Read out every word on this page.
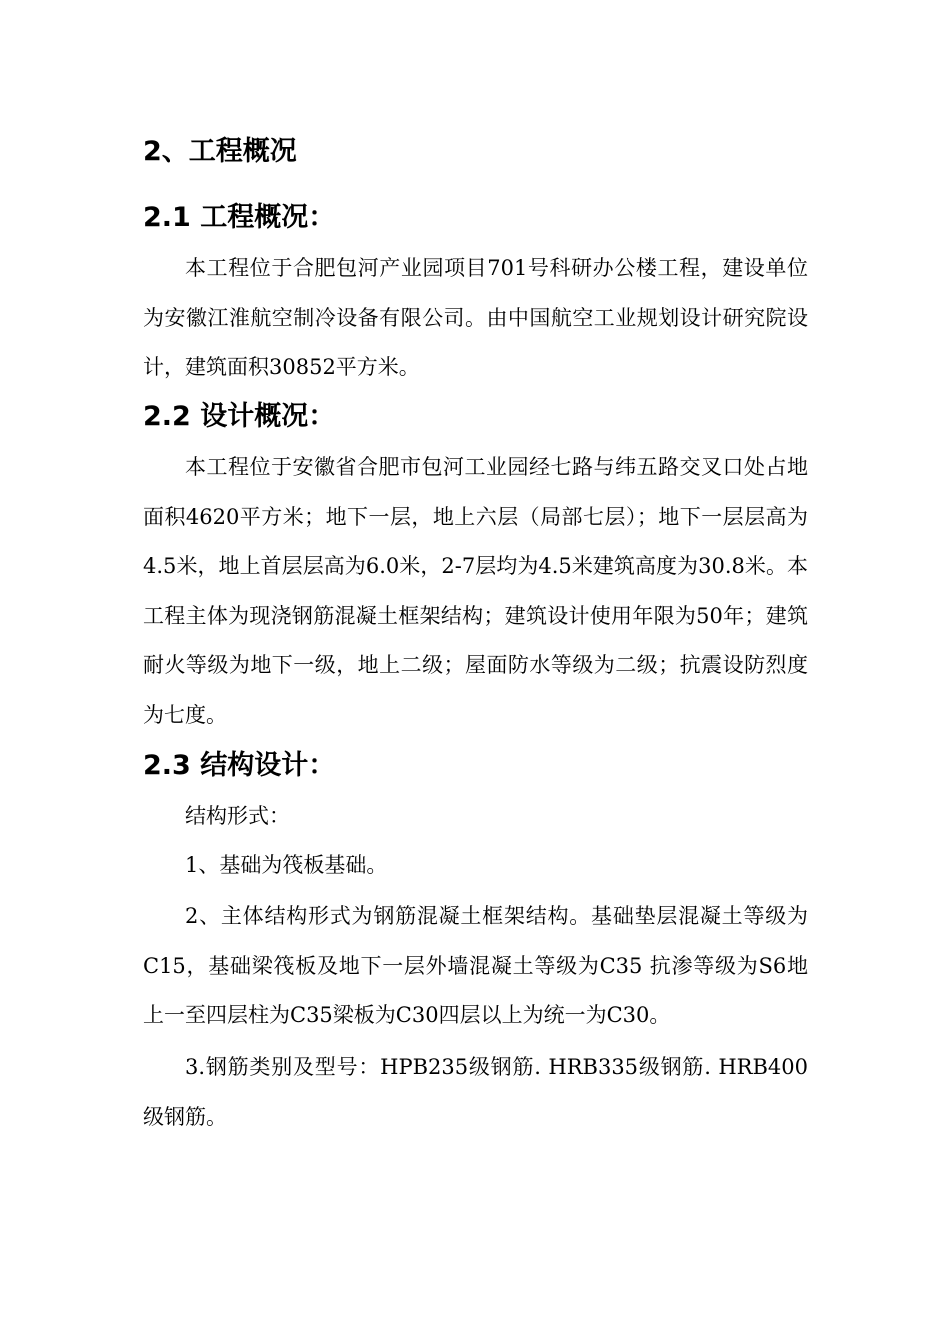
2、工程概况
2.1 工程概况：
本工程位于合肥包河产业园项目701号科研办公楼工程，建设单位为安徽江淮航空制冷设备有限公司。由中国航空工业规划设计研究院设计，建筑面积30852平方米。
2.2 设计概况：
本工程位于安徽省合肥市包河工业园经七路与纬五路交叉口处占地面积4620平方米；地下一层，地上六层（局部七层）；地下一层层高为4.5米，地上首层层高为6.0米，2-7层均为4.5米建筑高度为30.8米。本工程主体为现浇钢筋混凝土框架结构；建筑设计使用年限为50年；建筑耐火等级为地下一级，地上二级；屋面防水等级为二级；抗震设防烈度为七度。
2.3 结构设计：
结构形式：
1、基础为筏板基础。
2、主体结构形式为钢筋混凝土框架结构。基础垫层混凝土等级为C15，基础梁筏板及地下一层外墙混凝土等级为C35 抗渗等级为S6地上一至四层柱为C35梁板为C30四层以上为统一为C30。
3.钢筋类别及型号：HPB235级钢筋. HRB335级钢筋. HRB400级钢筋。
